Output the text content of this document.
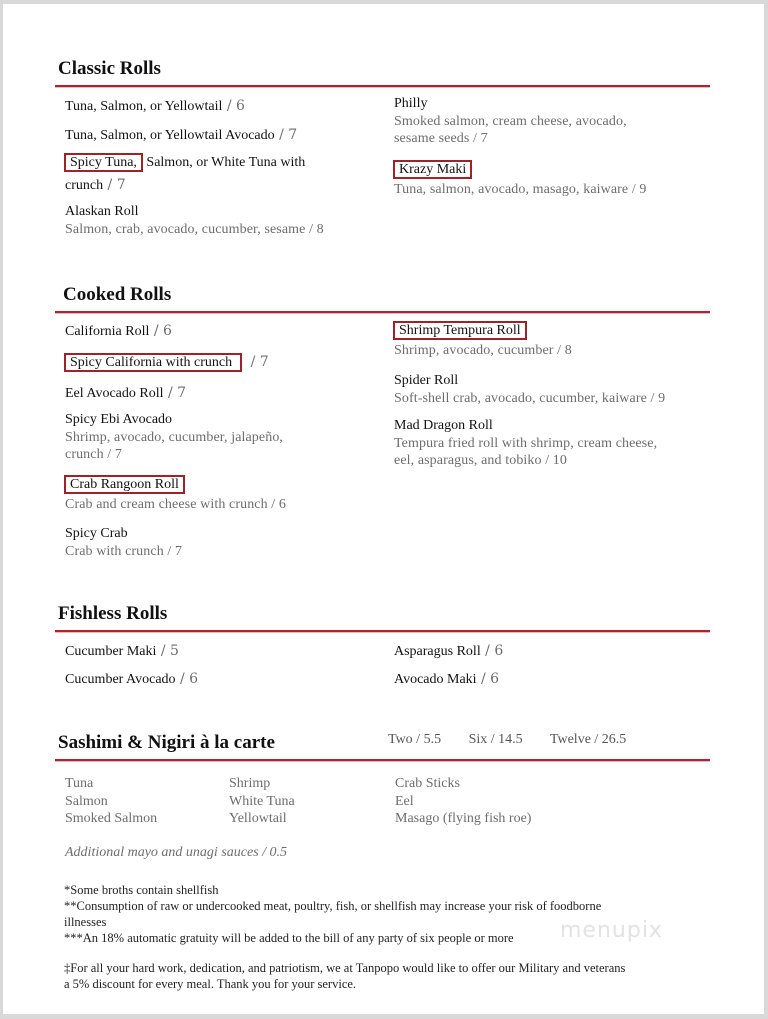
Classic Rolls
Tuna, Salmon, or Yellowtail / 6
Tuna, Salmon, or Yellowtail Avocado / 7
Spicy Tuna, Salmon, or White Tuna with
crunch / 7
Alaskan Roll
Salmon, crab, avocado, cucumber, sesame / 8
Philly
Smoked salmon, cream cheese, avocado,
sesame seeds / 7
Krazy Maki
Tuna, salmon, avocado, masago, kaiware / 9
Cooked Rolls
California Roll / 6
Spicy California with crunch / 7
Eel Avocado Roll / 7
Spicy Ebi Avocado
Shrimp, avocado, cucumber, jalapeño,
crunch / 7
Crab Rangoon Roll
Crab and cream cheese with crunch / 6
Spicy Crab
Crab with crunch / 7
Shrimp Tempura Roll
Shrimp, avocado, cucumber / 8
Spider Roll
Soft-shell crab, avocado, cucumber, kaiware / 9
Mad Dragon Roll
Tempura fried roll with shrimp, cream cheese,
eel, asparagus, and tobiko / 10
Fishless Rolls
Cucumber Maki / 5
Cucumber Avocado / 6
Asparagus Roll / 6
Avocado Maki / 6
Sashimi & Nigiri à la carte	Two / 5.5 Six / 14.5 Twelve / 26.5
Tuna
Salmon
Smoked Salmon
Shrimp
White Tuna
Yellowtail
Crab Sticks
Eel
Masago (flying fish roe)
Additional mayo and unagi sauces / 0.5
*Some broths contain shellfish
**Consumption of raw or undercooked meat, poultry, fish, or shellfish may increase your risk of foodborne
illnesses
***An 18% automatic gratuity will be added to the bill of any party of six people or more
‡For all your hard work, dedication, and patriotism, we at Tanpopo would like to offer our Military and veterans
a 5% discount for every meal. Thank you for your service.
menupix
